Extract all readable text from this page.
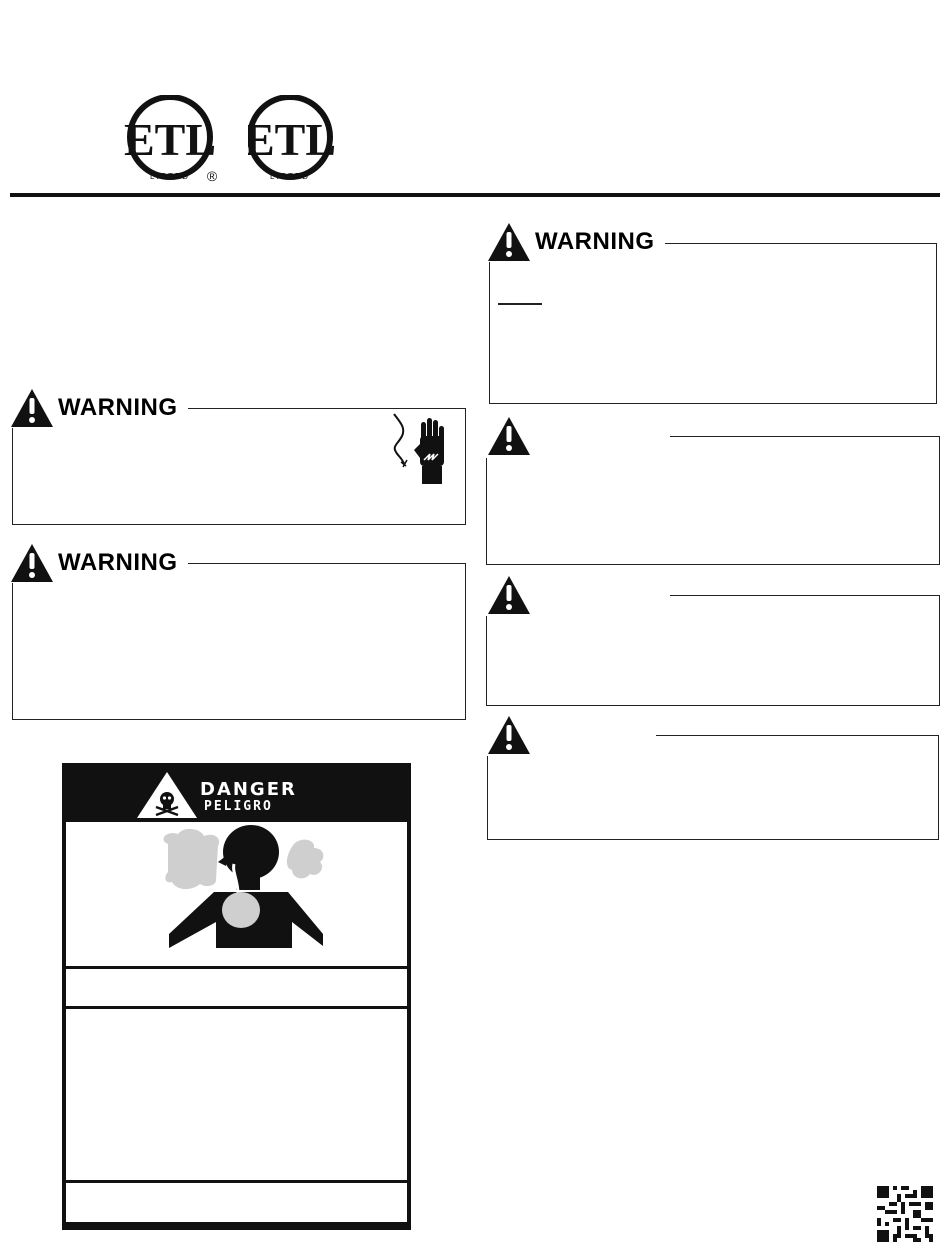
ETL
LISTED ®
ETL
LISTED
WARNING
WARNING
WARNING
DANGER
PELIGRO
